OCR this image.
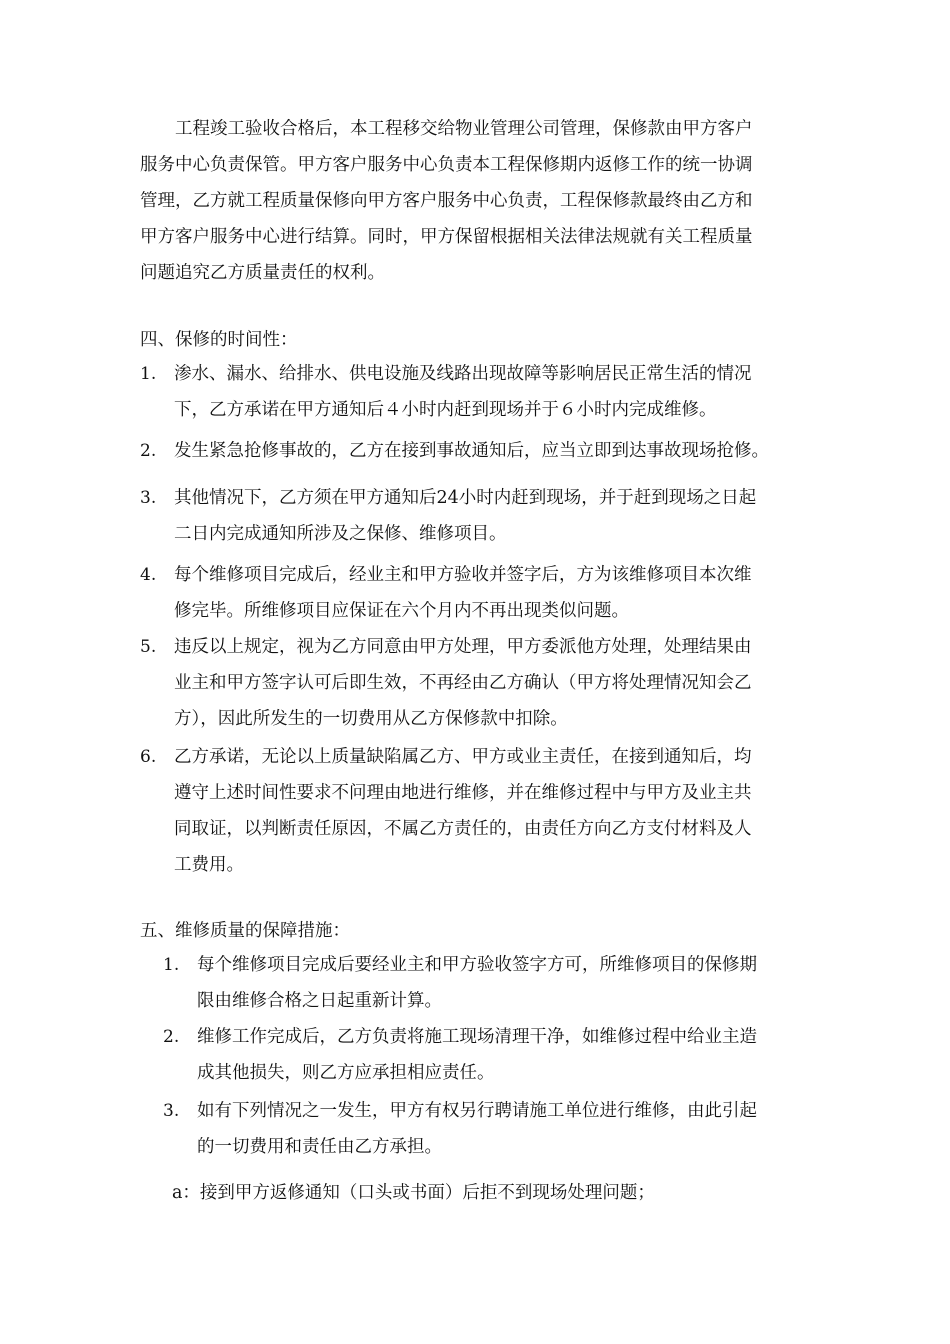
工程竣工验收合格后，本工程移交给物业管理公司管理，保修款由甲方客户
服务中心负责保管。甲方客户服务中心负责本工程保修期内返修工作的统一协调
管理，乙方就工程质量保修向甲方客户服务中心负责，工程保修款最终由乙方和
甲方客户服务中心进行结算。同时，甲方保留根据相关法律法规就有关工程质量
问题追究乙方质量责任的权利。
四、保修的时间性：
1. 渗水、漏水、给排水、供电设施及线路出现故障等影响居民正常生活的情况
下，乙方承诺在甲方通知后４小时内赶到现场并于６小时内完成维修。
2. 发生紧急抢修事故的，乙方在接到事故通知后，应当立即到达事故现场抢修。
3. 其他情况下，乙方须在甲方通知后24小时内赶到现场，并于赶到现场之日起
二日内完成通知所涉及之保修、维修项目。
4. 每个维修项目完成后，经业主和甲方验收并签字后，方为该维修项目本次维
修完毕。所维修项目应保证在六个月内不再出现类似问题。
5. 违反以上规定，视为乙方同意由甲方处理，甲方委派他方处理，处理结果由
业主和甲方签字认可后即生效，不再经由乙方确认（甲方将处理情况知会乙
方），因此所发生的一切费用从乙方保修款中扣除。
6. 乙方承诺，无论以上质量缺陷属乙方、甲方或业主责任，在接到通知后，均
遵守上述时间性要求不问理由地进行维修，并在维修过程中与甲方及业主共
同取证，以判断责任原因，不属乙方责任的，由责任方向乙方支付材料及人
工费用。
五、维修质量的保障措施：
1. 每个维修项目完成后要经业主和甲方验收签字方可，所维修项目的保修期
限由维修合格之日起重新计算。
2. 维修工作完成后，乙方负责将施工现场清理干净，如维修过程中给业主造
成其他损失，则乙方应承担相应责任。
3. 如有下列情况之一发生，甲方有权另行聘请施工单位进行维修，由此引起
的一切费用和责任由乙方承担。
a：接到甲方返修通知（口头或书面）后拒不到现场处理问题；
